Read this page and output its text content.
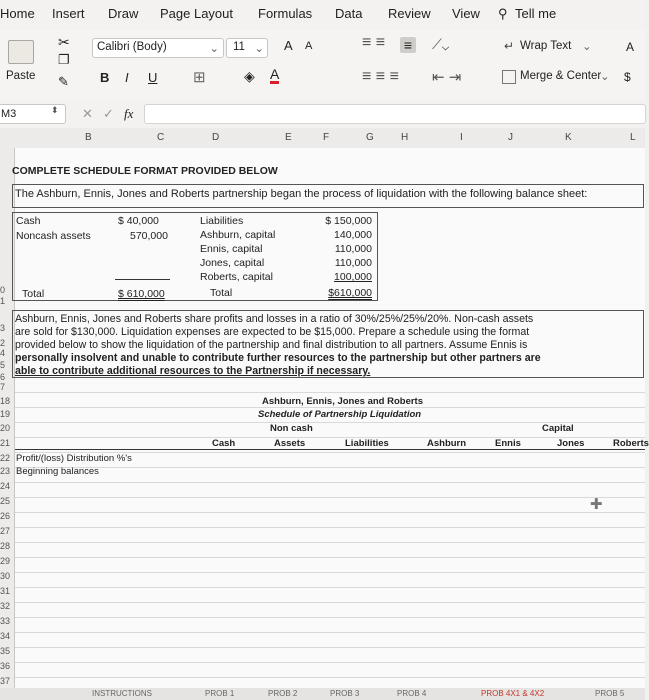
Home Insert Draw Page Layout Formulas Data Review View ⚲ Tell me
Paste
✂
❐
✎
Calibri (Body)	⌄ 11 ⌄ A A
B I U ⊞	◈ A
≡ ≡ ≡
≡ ≡ ≡
⟋⌄
⇤ ⇥
↵ Wrap Text ⌄
Merge & Center
⌄
A
$
M3	⬍ ✕ ✓ fx
B	C	D	E	F	G	H	I	J	K	L
0
1
2
3
4
5
6
7
18
19
20
21
22
23
24
25
26
27
28
29
30
31
32
33
34
35
36
37
COMPLETE SCHEDULE FORMAT PROVIDED BELOW
The Ashburn, Ennis, Jones and Roberts partnership began the process of liquidation with the following balance sheet:
Cash	$ 40,000
Noncash assets	570,000
Total	$ 610,000
Liabilities
Ashburn, capital
Ennis, capital
Jones, capital
Roberts, capital
Total
$ 150,000
140,000
110,000
110,000
100,000
$610,000
Ashburn, Ennis, Jones and Roberts share profits and losses in a ratio of 30%/25%/25%/20%. Non-cash assets
are sold for $130,000. Liquidation expenses are expected to be $15,000. Prepare a schedule using the format
provided below to show the liquidation of the partnership and final distribution to all partners. Assume Ennis is
personally insolvent and unable to contribute further resources to the partnership but other partners are
able to contribute additional resources to the Partnership if necessary.
Ashburn, Ennis, Jones and Roberts
Schedule of Partnership Liquidation
Non cash	Capital
Cash	Assets	Liabilities	Ashburn	Ennis	Jones	Roberts
Profit/(loss) Distribution %'s
Beginning balances
✚
INSTRUCTIONS	PROB 1	PROB 2	PROB 3	PROB 4	PROB 4X1 & 4X2	PROB 5
